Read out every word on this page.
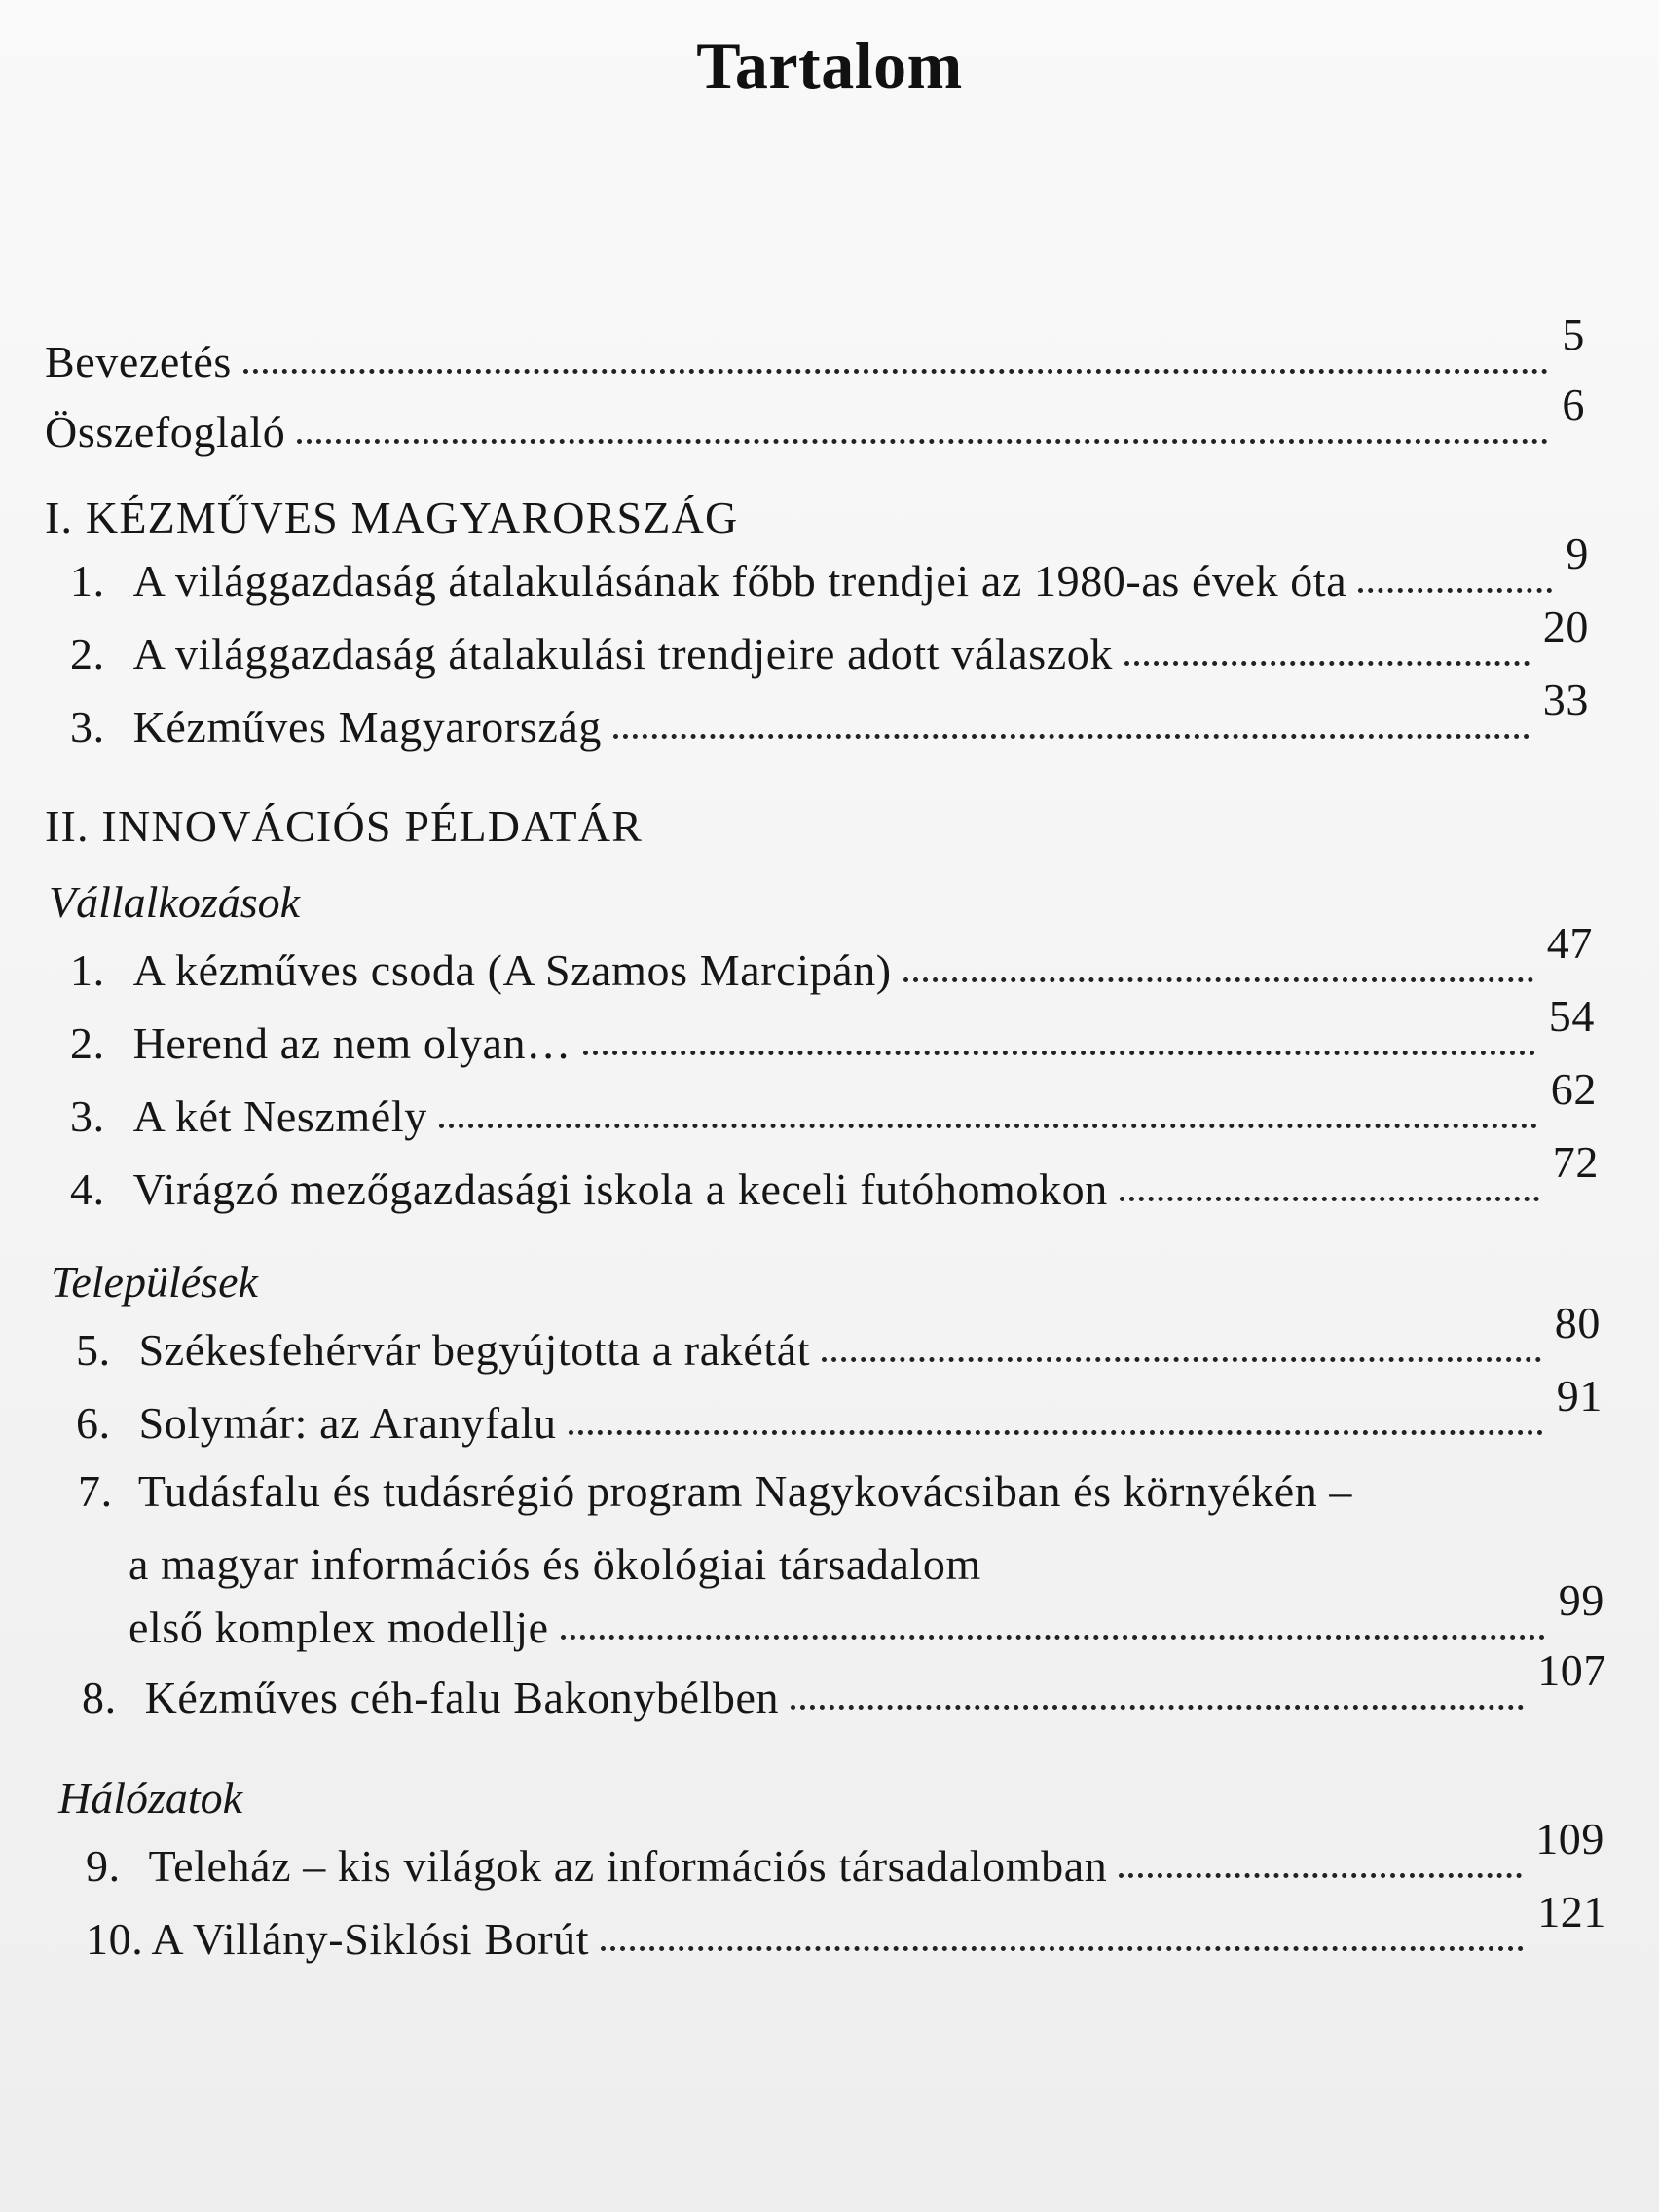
Tartalom
Bevezetés
5
Összefoglaló
6
I. KÉZMŰVES MAGYARORSZÁG
1. A világgazdaság átalakulásának főbb trendjei az 1980-as évek óta
9
2. A világgazdaság átalakulási trendjeire adott válaszok
20
3. Kézműves Magyarország
33
II. INNOVÁCIÓS PÉLDATÁR
Vállalkozások
1. A kézműves csoda (A Szamos Marcipán)
47
2. Herend az nem olyan…
54
3. A két Neszmély
62
4. Virágzó mezőgazdasági iskola a keceli futóhomokon
72
Települések
5. Székesfehérvár begyújtotta a rakétát
80
6. Solymár: az Aranyfalu
91
7. Tudásfalu és tudásrégió program Nagykovácsiban és környékén –
a magyar információs és ökológiai társadalom
első komplex modellje
99
8. Kézműves céh-falu Bakonybélben
107
Hálózatok
9. Teleház – kis világok az információs társadalomban
109
10. A Villány-Siklósi Borút
121
